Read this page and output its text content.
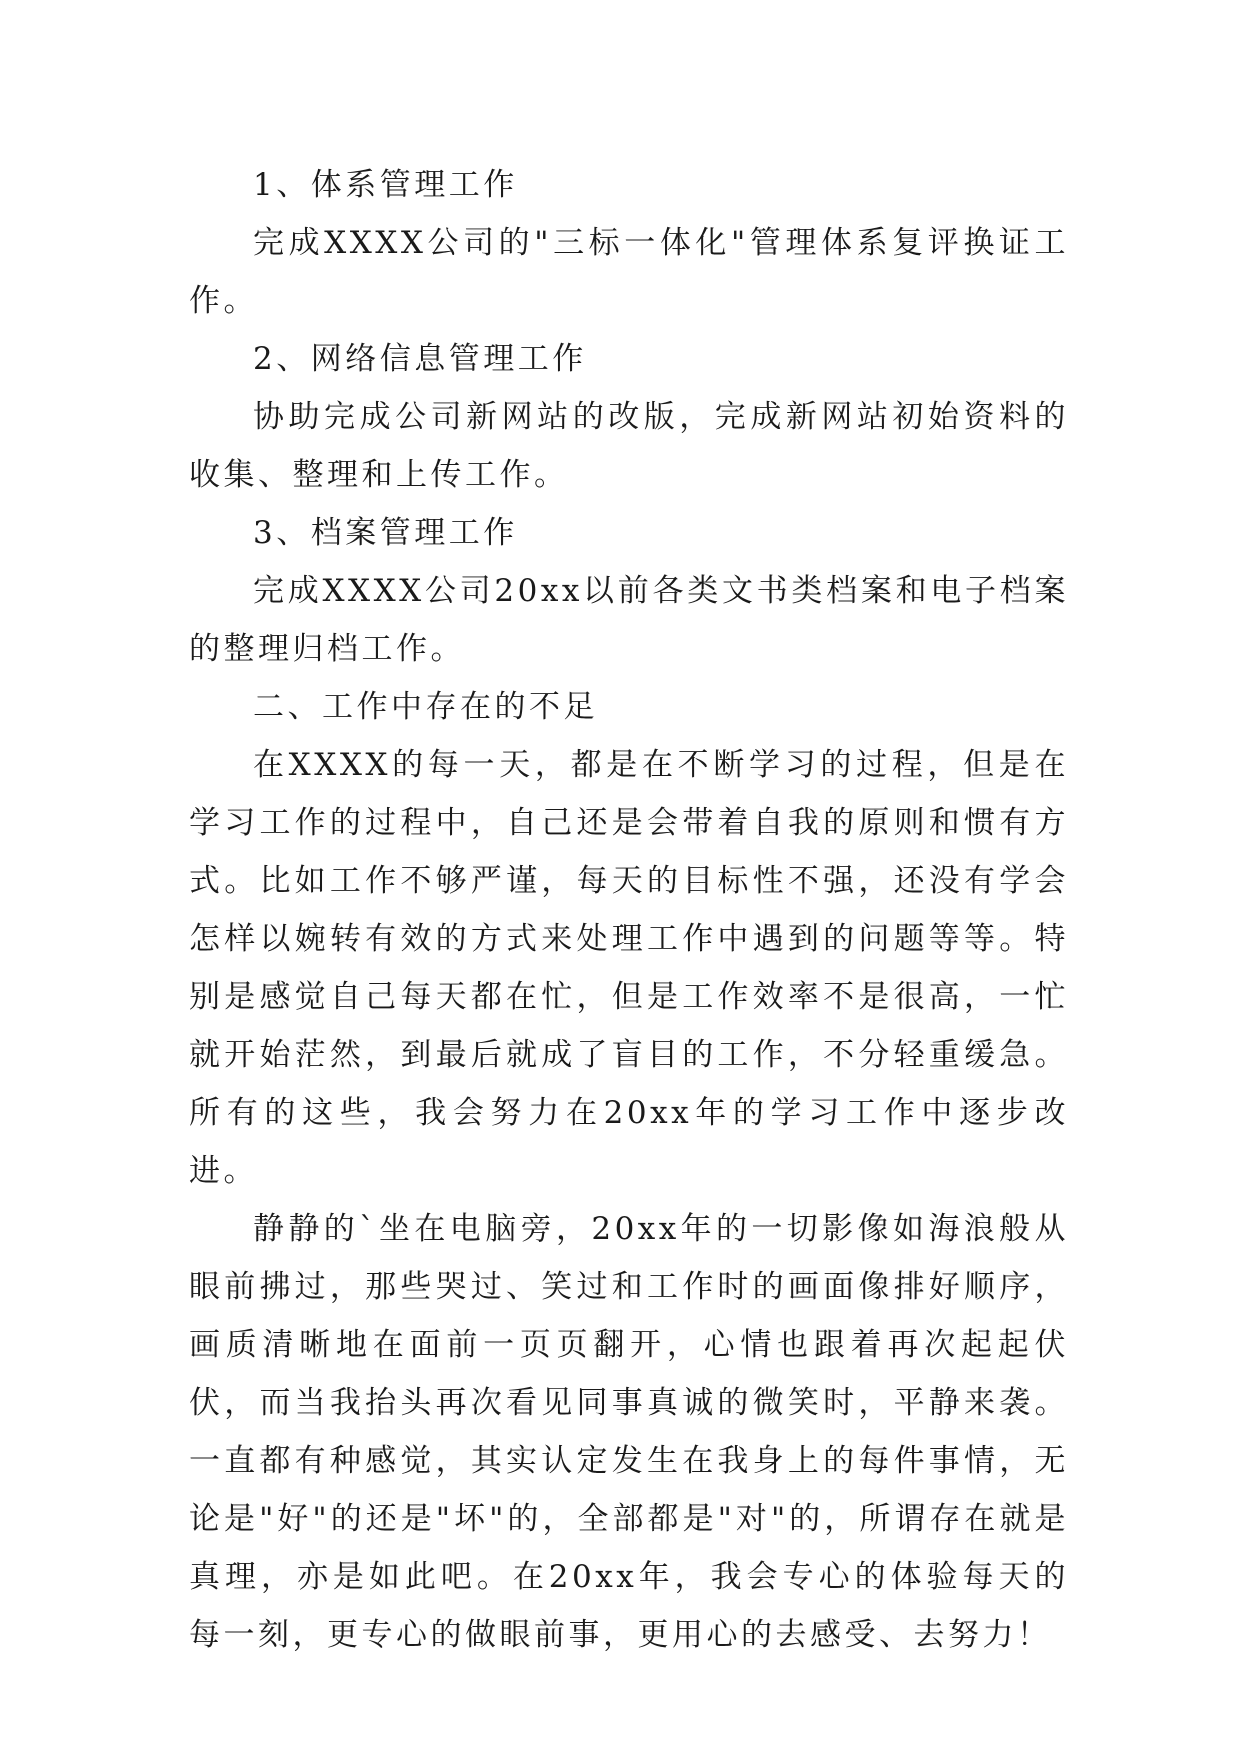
1、体系管理工作

完成XXXX公司的"三标一体化"管理体系复评换证工作。

2、网络信息管理工作

协助完成公司新网站的改版，完成新网站初始资料的收集、整理和上传工作。

3、档案管理工作

完成XXXX公司20xx以前各类文书类档案和电子档案的整理归档工作。

二、工作中存在的不足

在XXXX的每一天，都是在不断学习的过程，但是在学习工作的过程中，自己还是会带着自我的原则和惯有方式。比如工作不够严谨，每天的目标性不强，还没有学会怎样以婉转有效的方式来处理工作中遇到的问题等等。特别是感觉自己每天都在忙，但是工作效率不是很高，一忙就开始茫然，到最后就成了盲目的工作，不分轻重缓急。所有的这些，我会努力在20xx年的学习工作中逐步改进。

静静的`坐在电脑旁，20xx年的一切影像如海浪般从眼前拂过，那些哭过、笑过和工作时的画面像排好顺序，画质清晰地在面前一页页翻开，心情也跟着再次起起伏伏，而当我抬头再次看见同事真诚的微笑时，平静来袭。一直都有种感觉，其实认定发生在我身上的每件事情，无论是"好"的还是"坏"的，全部都是"对"的，所谓存在就是真理，亦是如此吧。在20xx年，我会专心的体验每天的每一刻，更专心的做眼前事，更用心的去感受、去努力！
